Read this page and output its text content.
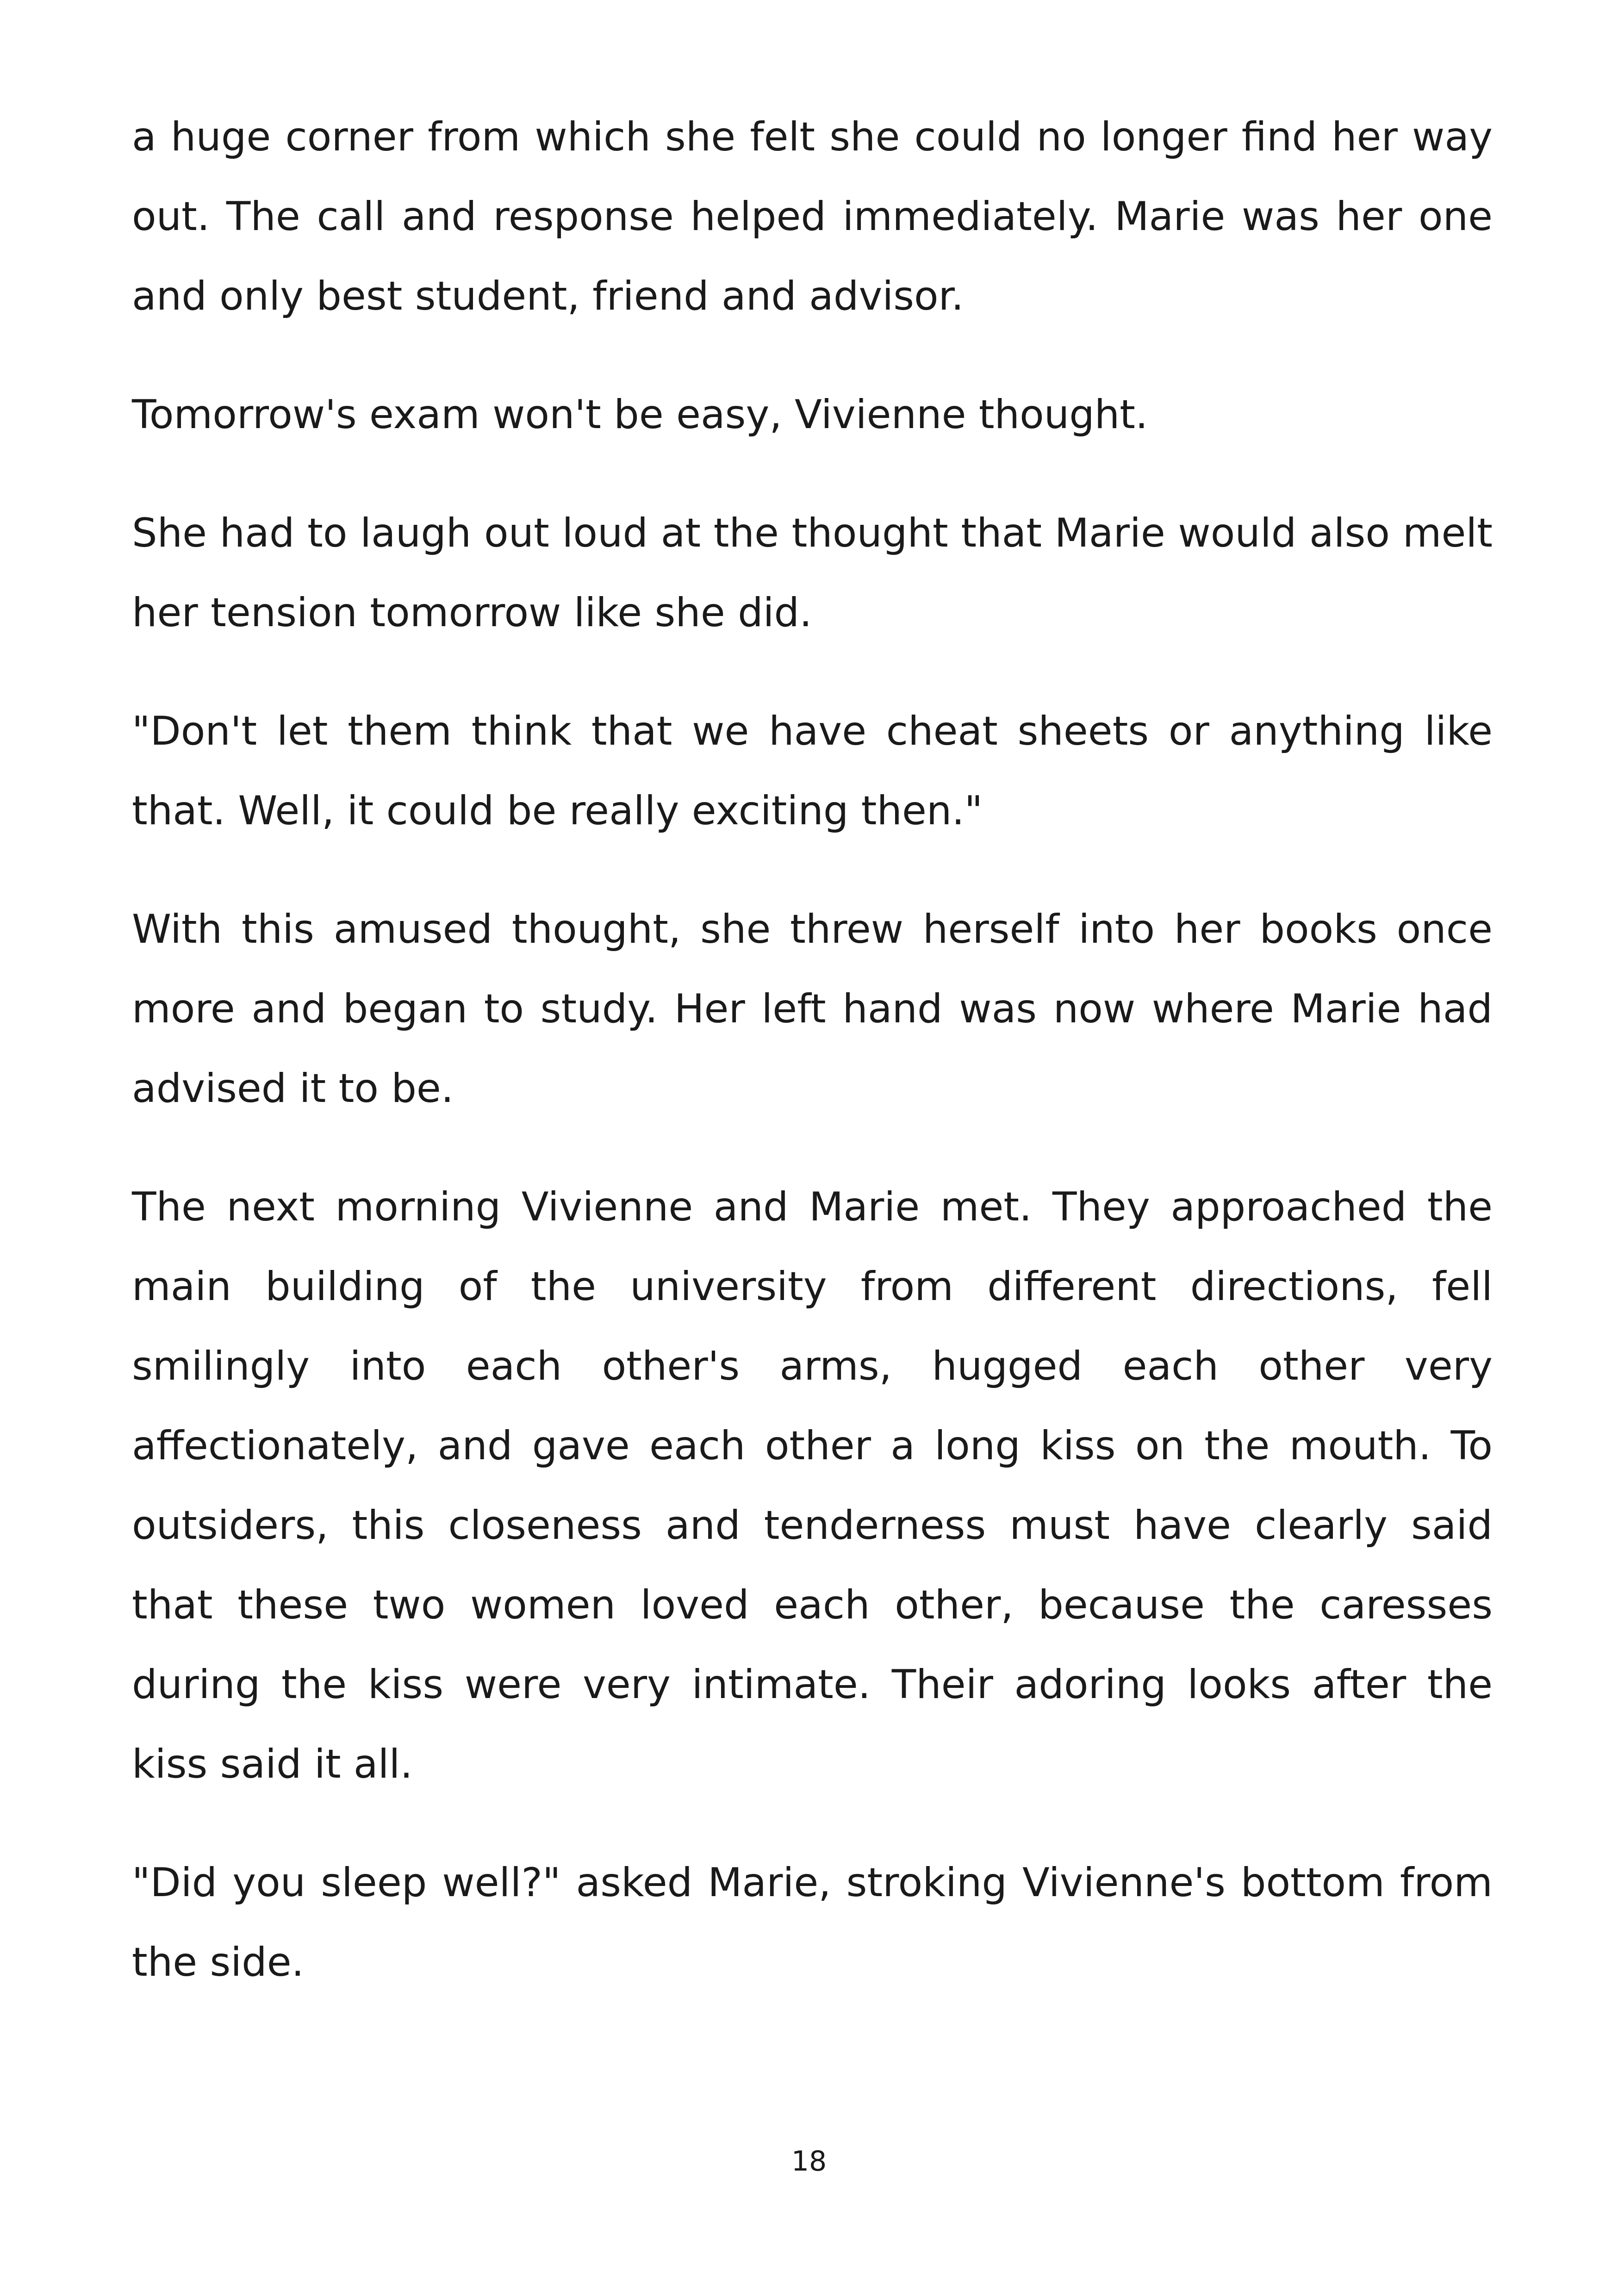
a huge corner from which she felt she could no longer find her way out. The call and response helped immediately. Marie was her one and only best student, friend and advisor.

Tomorrow's exam won't be easy, Vivienne thought.

She had to laugh out loud at the thought that Marie would also melt her tension tomorrow like she did.

"Don't let them think that we have cheat sheets or anything like that. Well, it could be really exciting then."

With this amused thought, she threw herself into her books once more and began to study. Her left hand was now where Marie had advised it to be.

The next morning Vivienne and Marie met. They approached the main building of the university from different directions, fell smilingly into each other's arms, hugged each other very affectionately, and gave each other a long kiss on the mouth. To outsiders, this closeness and tenderness must have clearly said that these two women loved each other, because the caresses during the kiss were very intimate. Their adoring looks after the kiss said it all.

"Did you sleep well?" asked Marie, stroking Vivienne's bottom from the side.

18
